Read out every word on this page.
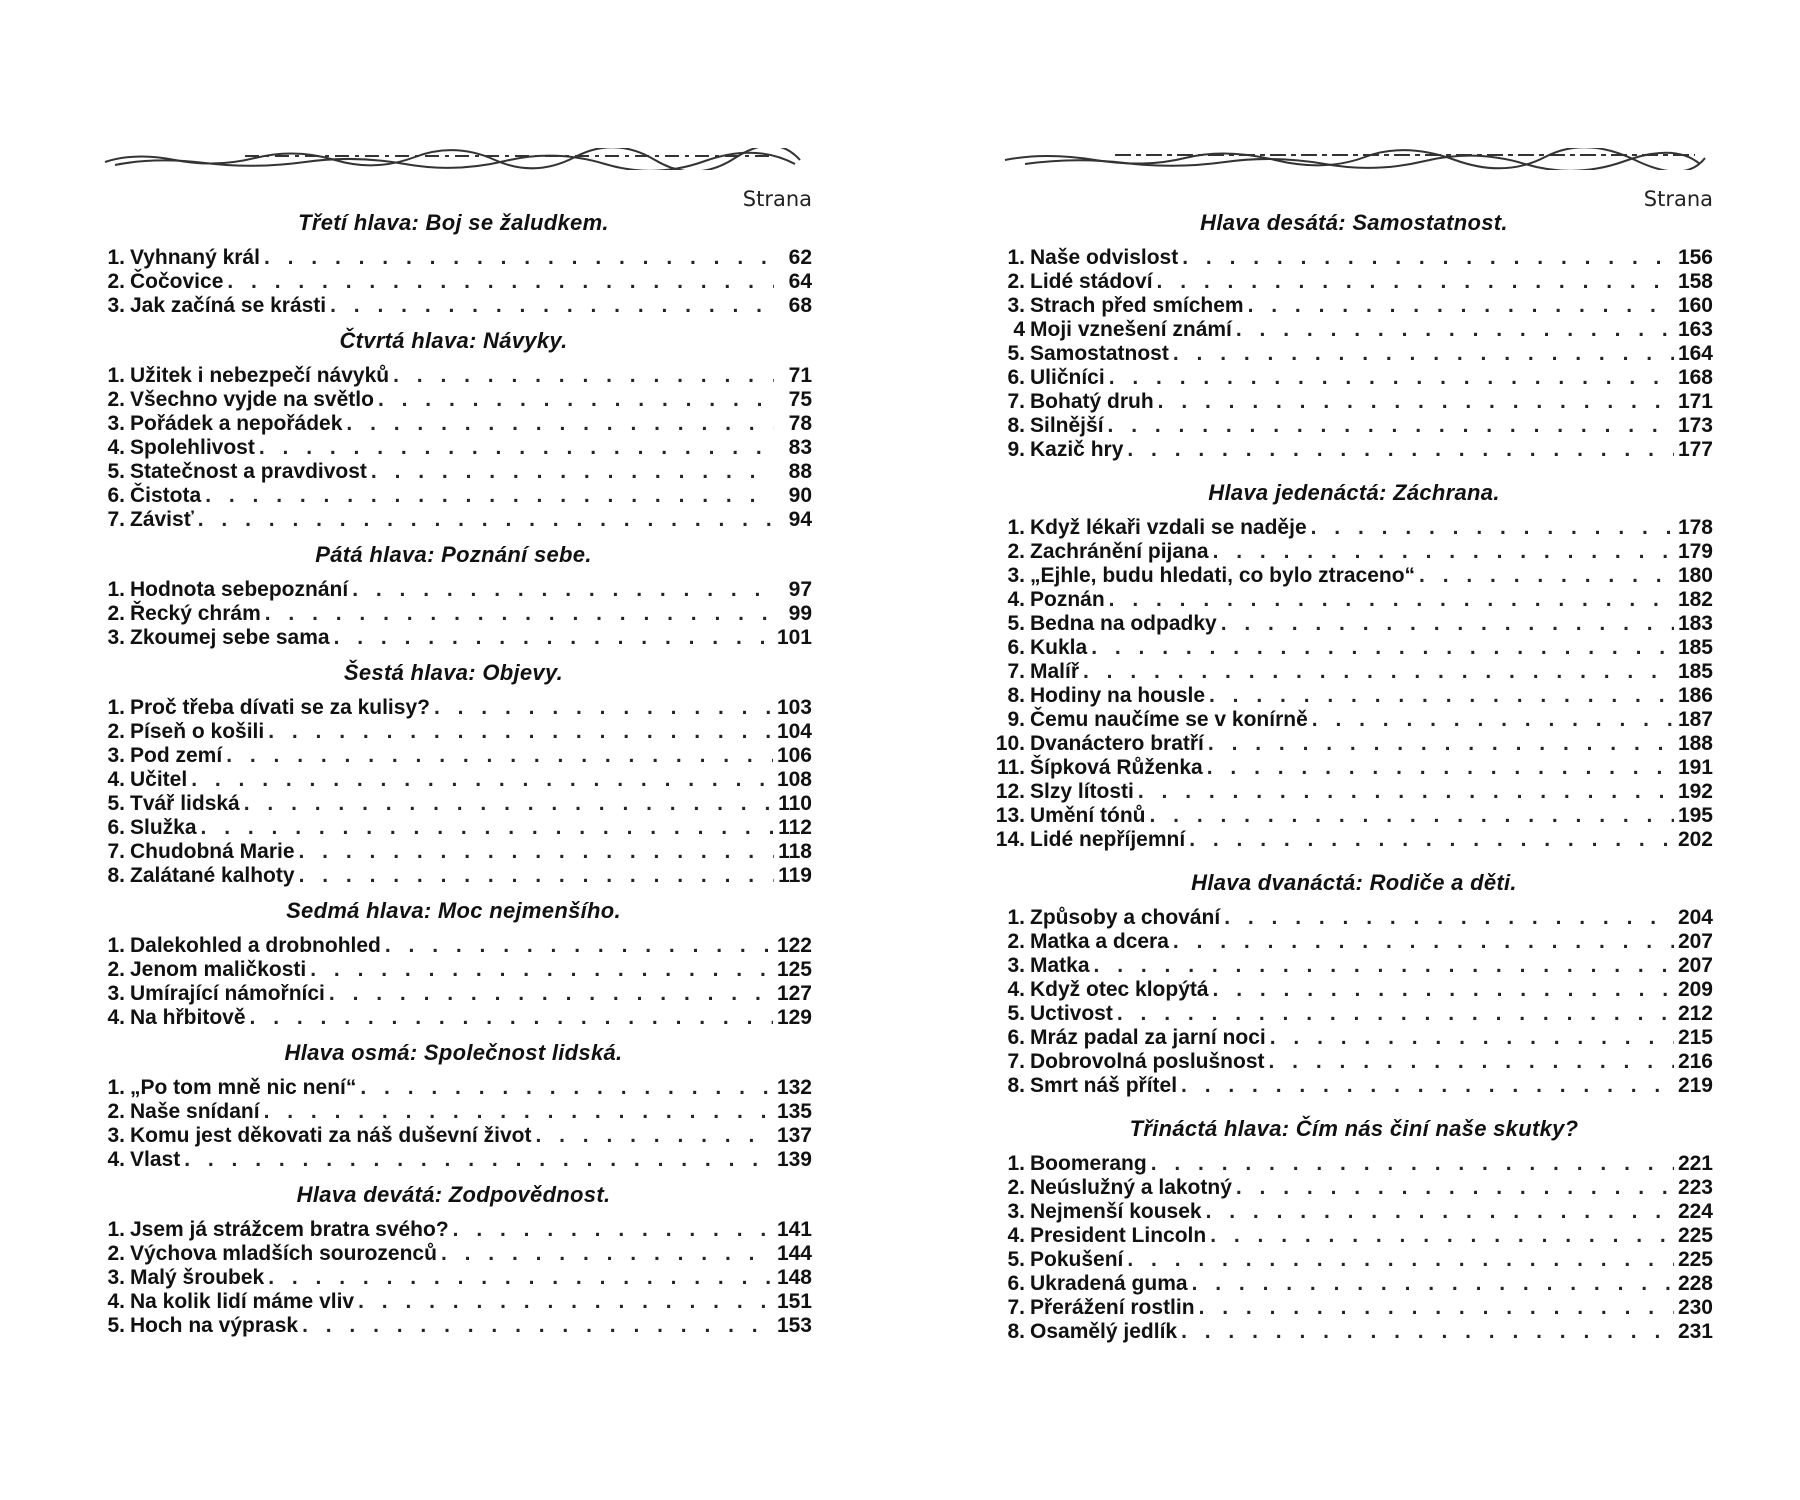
Strana
Třetí hlava: Boj se žaludkem.
1. Vyhnaný král . . .	62
2. Čočovice . . .	64
3. Jak začíná se krásti . . .	68
Čtvrtá hlava: Návyky.
1. Užitek i nebezpečí návyků . . .	71
2. Všechno vyjde na světlo . . .	75
3. Pořádek a nepořádek . . .	78
4. Spolehlivost . . .	83
5. Statečnost a pravdivost . . .	88
6. Čistota . . .	90
7. Závisť . . .	94
Pátá hlava: Poznání sebe.
1. Hodnota sebepoznání . . .	97
2. Řecký chrám . . .	99
3. Zkoumej sebe sama . . .	101
Šestá hlava: Objevy.
1. Proč třeba dívati se za kulisy? . . .	103
2. Píseň o košili . . .	104
3. Pod zemí . . .	106
4. Učitel . . .	108
5. Tvář lidská . . .	110
6. Služka . . .	112
7. Chudobná Marie . . .	118
8. Zalátané kalhoty . . .	119
Sedmá hlava: Moc nejmenšího.
1. Dalekohled a drobnohled . . .	122
2. Jenom maličkosti . . .	125
3. Umírající námořníci . . .	127
4. Na hřbitově . . .	129
Hlava osmá: Společnost lidská.
1. „Po tom mně nic není“ . . .	132
2. Naše snídaní . . .	135
3. Komu jest děkovati za náš duševní život . . .	137
4. Vlast . . .	139
Hlava devátá: Zodpovědnost.
1. Jsem já strážcem bratra svého? . . .	141
2. Výchova mladších sourozenců . . .	144
3. Malý šroubek . . .	148
4. Na kolik lidí máme vliv . . .	151
5. Hoch na výprask . . .	153
Strana
Hlava desátá: Samostatnost.
1. Naše odvislost . . .	156
2. Lidé stádoví . . .	158
3. Strach před smíchem . . .	160
4 Moji vznešení známí . . .	163
5. Samostatnost . . .	164
6. Uličníci . . .	168
7. Bohatý druh . . .	171
8. Silnější . . .	173
9. Kazič hry . . .	177
Hlava jedenáctá: Záchrana.
1. Když lékaři vzdali se naděje . . .	178
2. Zachránění pijana . . .	179
3. „Ejhle, budu hledati, co bylo ztraceno“ . . .	180
4. Poznán . . .	182
5. Bedna na odpadky . . .	183
6. Kukla . . .	185
7. Malíř . . .	185
8. Hodiny na housle . . .	186
9. Čemu naučíme se v konírně . . .	187
10. Dvanáctero bratří . . .	188
11. Šípková Růženka . . .	191
12. Slzy lítosti . . .	192
13. Umění tónů . . .	195
14. Lidé nepříjemní . . .	202
Hlava dvanáctá: Rodiče a děti.
1. Způsoby a chování . . .	204
2. Matka a dcera . . .	207
3. Matka . . .	207
4. Když otec klopýtá . . .	209
5. Uctivost . . .	212
6. Mráz padal za jarní noci . . .	215
7. Dobrovolná poslušnost . . .	216
8. Smrt náš přítel . . .	219
Třináctá hlava: Čím nás činí naše skutky?
1. Boomerang . . .	221
2. Neúslužný a lakotný . . .	223
3. Nejmenší kousek . . .	224
4. President Lincoln . . .	225
5. Pokušení . . .	225
6. Ukradená guma . . .	228
7. Přerážení rostlin . . .	230
8. Osamělý jedlík . . .	231
